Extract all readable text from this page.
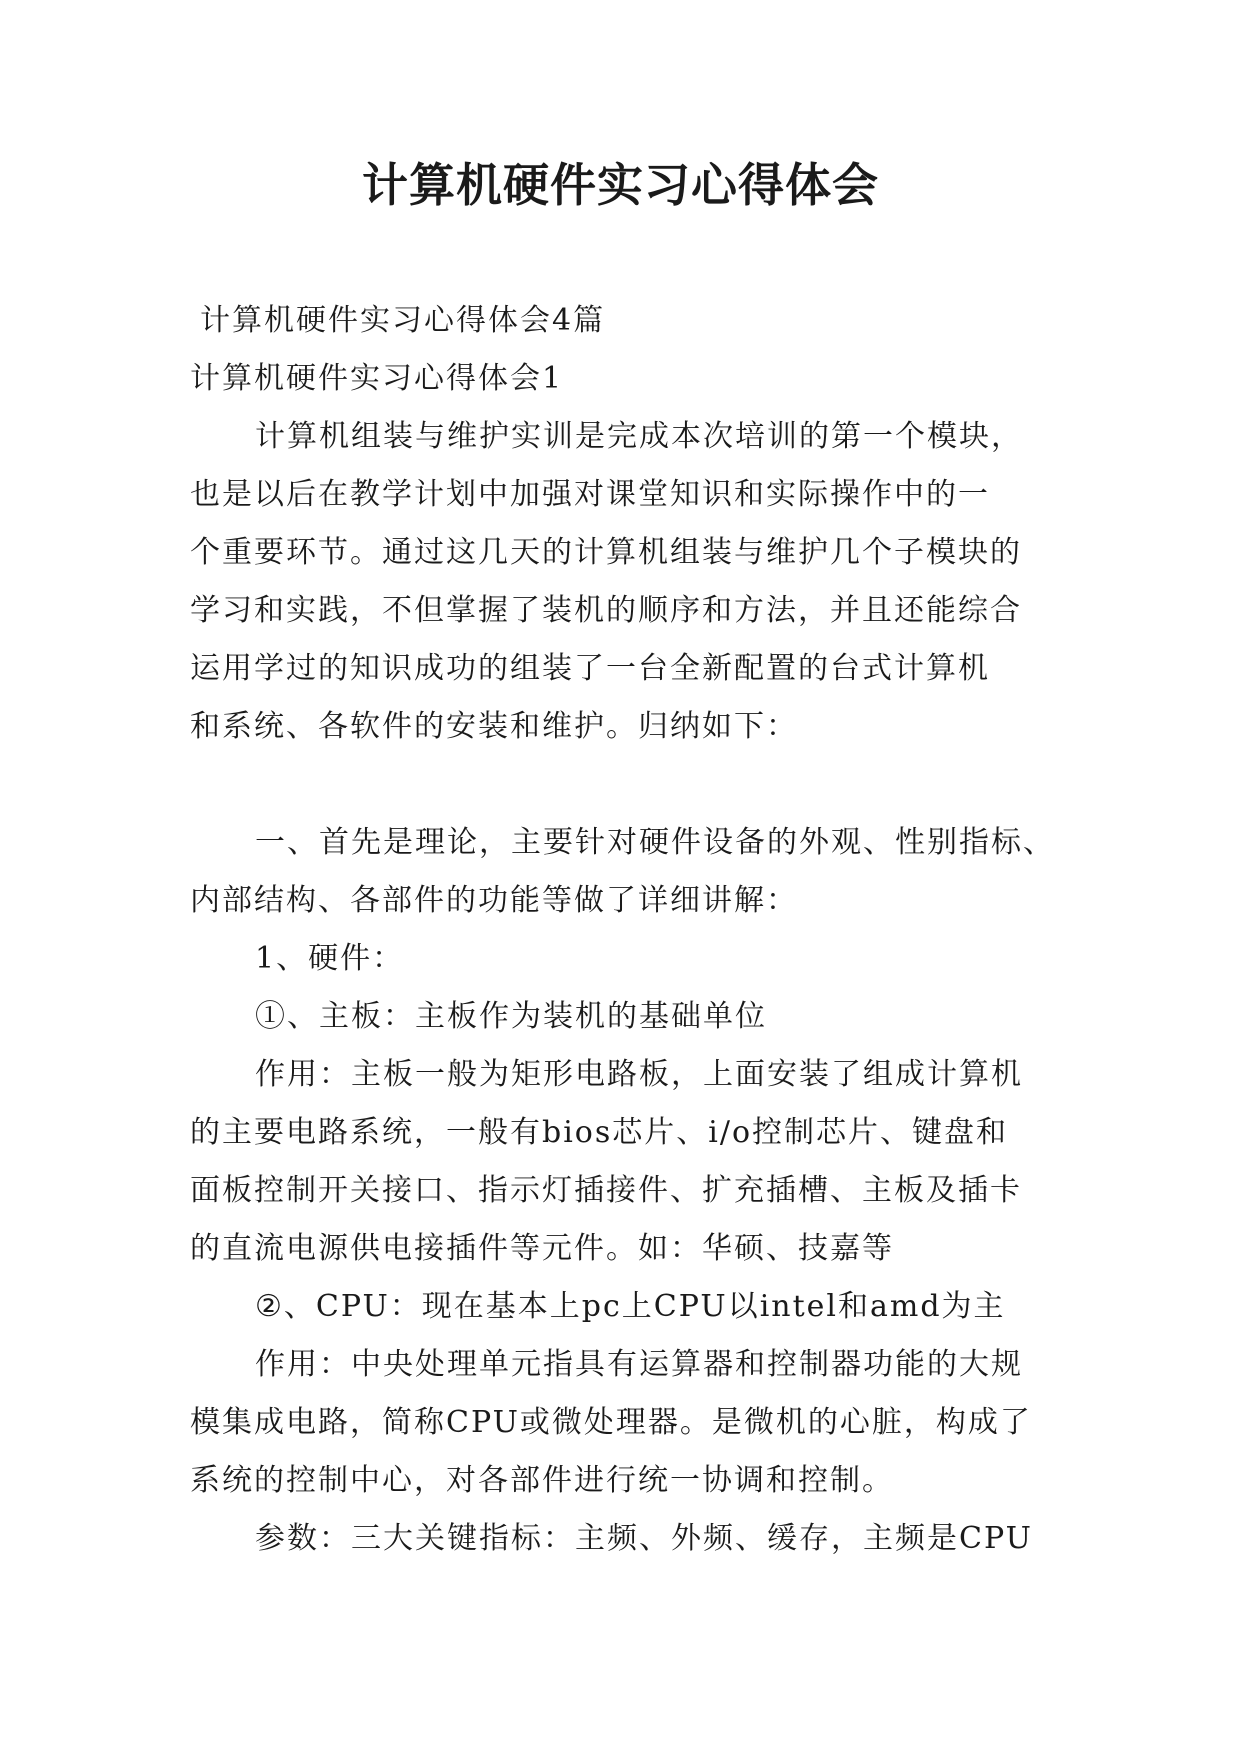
计算机硬件实习心得体会
计算机硬件实习心得体会4篇
计算机硬件实习心得体会1
计算机组装与维护实训是完成本次培训的第一个模块，
也是以后在教学计划中加强对课堂知识和实际操作中的一
个重要环节。通过这几天的计算机组装与维护几个子模块的
学习和实践，不但掌握了装机的顺序和方法，并且还能综合
运用学过的知识成功的组装了一台全新配置的台式计算机
和系统、各软件的安装和维护。归纳如下：
一、首先是理论，主要针对硬件设备的外观、性别指标、
内部结构、各部件的功能等做了详细讲解：
1、硬件：
①、主板：主板作为装机的基础单位
作用：主板一般为矩形电路板，上面安装了组成计算机
的主要电路系统，一般有bios芯片、i/o控制芯片、键盘和
面板控制开关接口、指示灯插接件、扩充插槽、主板及插卡
的直流电源供电接插件等元件。如：华硕、技嘉等
②、CPU：现在基本上pc上CPU以intel和amd为主
作用：中央处理单元指具有运算器和控制器功能的大规
模集成电路，简称CPU或微处理器。是微机的心脏，构成了
系统的控制中心，对各部件进行统一协调和控制。
参数：三大关键指标：主频、外频、缓存，主频是CPU
